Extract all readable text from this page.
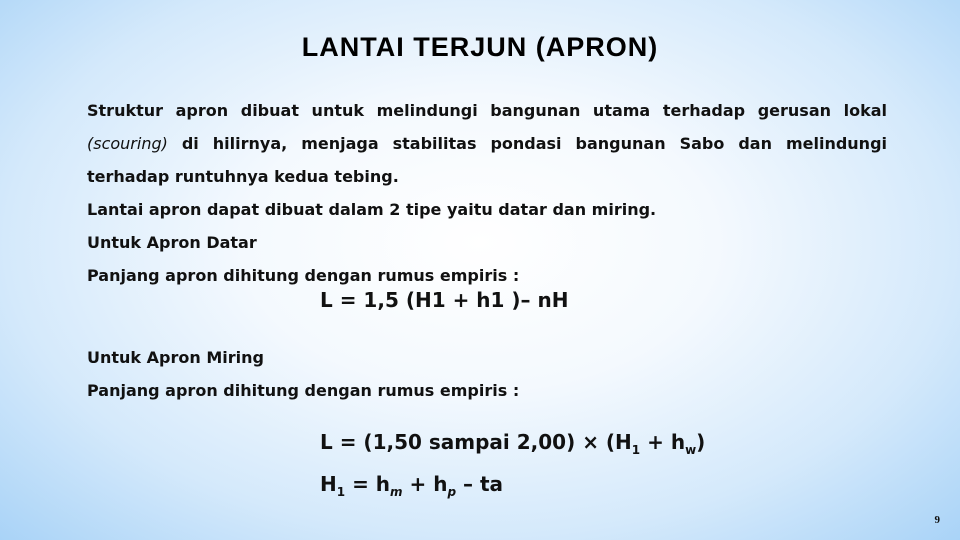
LANTAI TERJUN (APRON)

Struktur apron dibuat untuk melindungi bangunan utama terhadap gerusan lokal (scouring) di hilirnya, menjaga stabilitas pondasi bangunan Sabo dan melindungi terhadap runtuhnya kedua tebing.

Lantai apron dapat dibuat dalam 2 tipe yaitu datar dan miring.

Untuk Apron Datar

Panjang apron dihitung dengan rumus empiris :

L = 1,5 (H1 + h1 )– nH

Untuk Apron Miring

Panjang apron dihitung dengan rumus empiris :

L = (1,50 sampai $2,00) \times (H_1 + h_w)$
$H_1 = h_m + h_p$ – ta
9
